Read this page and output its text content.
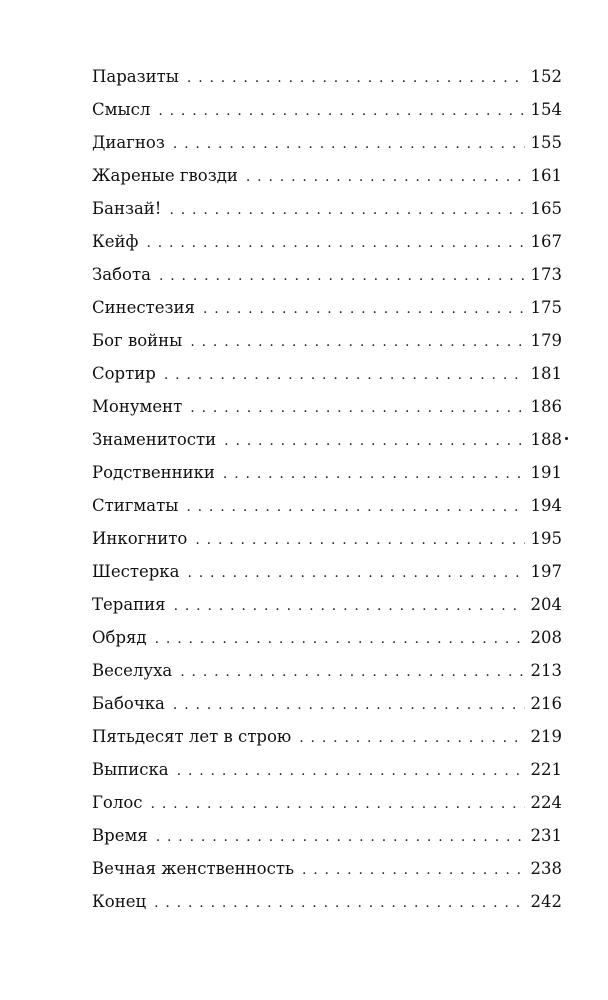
Паразиты . . .	152
Смысл . . .	154
Диагноз . . .	155
Жареные гвозди . . .	161
Банзай! . . .	165
Кейф . . .	167
Забота . . .	173
Синестезия . . .	175
Бог войны . . .	179
Сортир . . .	181
Монумент . . .	186
Знаменитости . . .	188
Родственники . . .	191
Стигматы . . .	194
Инкогнито . . .	195
Шестерка . . .	197
Терапия . . .	204
Обряд . . .	208
Веселуха . . .	213
Бабочка . . .	216
Пятьдесят лет в строю . . .	219
Выписка . . .	221
Голос . . .	224
Время . . .	231
Вечная женственность . . .	238
Конец . . .	242
